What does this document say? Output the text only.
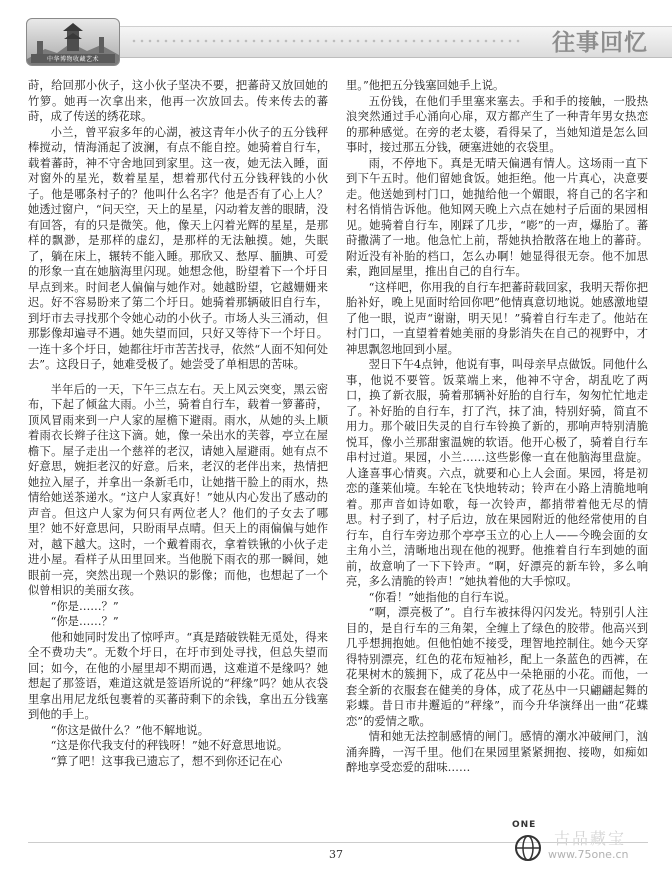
中华博物收藏艺术
往事回忆

莳，给回那小伙子，这小伙子坚决不要，把蕃莳又放回她的竹箩。她再一次拿出来，他再一次放回去。传来传去的蕃莳，成了传送的绣花球。

小兰，曾平寂多年的心湖，被这青年小伙子的五分钱秤棒搅动，情海涌起了波澜，有点不能自控。她骑着自行车，载着蕃莳，神不守舍地回到家里。这一夜，她无法入睡，面对窗外的星光，数着星星，想着那代付五分钱秤钱的小伙子。他是哪条村子的？他叫什么名字？他是否有了心上人？她透过窗户，“问天空，天上的星星，闪动着友善的眼睛，没有回答，有的只是微笑。他，像天上闪着光辉的星星，是那样的飘渺，是那样的虚幻，是那样的无法触摸。她，失眠了，躺在床上，辗转不能入睡。那欣又、愁厚、腼腆、可爱的形象一直在她脑海里闪现。她想念他，盼望着下一个圩日早点到来。时间老人偏偏与她作对。她越盼望，它越姗姗来迟。好不容易盼来了第二个圩日。她骑着那辆破旧自行车，到圩市去寻找那个令她心动的小伙子。市场人头三涌动，但那影像却遍寻不遇。她失望而回，只好又等待下一个圩日。一连十多个圩日，她都往圩市苦苦找寻，依然“人面不知何处去”。这段日子，她难受极了。她尝受了单相思的苦味。

半年后的一天，下午三点左右。天上风云突变，黑云密布，下起了倾盆大雨。小兰，骑着自行车，载着一箩蕃莳，顶风冒雨来到一户人家的屋檐下避雨。雨水，从她的头上顺着雨衣长辫子往这下滴。她，像一朵出水的芙蓉，亭立在屋檐下。屋子走出一个慈祥的老汉，请她入屋避雨。她有点不好意思，婉拒老汉的好意。后来，老汉的老伴出来，热情把她拉入屋子，并拿出一条新毛巾，让她揩干脸上的雨水，热情给她送茶递水。“这户人家真好！”她从内心发出了感动的声音。但这户人家为何只有两位老人？他们的子女去了哪里？她不好意思问，只盼雨早点晴。但天上的雨偏偏与她作对，越下越大。这时，一个戴着雨衣，拿着铁锹的小伙子走进小屋。看样子从田里回来。当他脱下雨衣的那一瞬间，她眼前一亮，突然出现一个熟识的影像；而他，也想起了一个似曾相识的美丽女孩。

“你是……？”

“你是……？”

他和她同时发出了惊呼声。“真是踏破铁鞋无觅处，得来全不费功夫”。无数个圩日，在圩市到处寻找，但总失望而回；如今，在他的小屋里却不期而遇，这难道不是缘吗？她想起了那签语，难道这就是签语所说的“秤缘”吗？她从衣袋里拿出用尼龙纸包裹着的买蕃莳剩下的余钱，拿出五分钱塞到他的手上。

“你这是做什么？”他不解地说。

“这是你代我支付的秤钱呀！”她不好意思地说。

“算了吧！这事我已遗忘了，想不到你还记在心

里。”他把五分钱塞回她手上说。

五份钱，在他们手里塞来塞去。手和手的接触，一股热浪突然通过手心涌向心扉，双方都产生了一种青年男女热恋的那种感觉。在旁的老太婆，看得呆了，当她知道是怎么回事时，接过那五分钱，硬塞进她的衣袋里。

雨，不停地下。真是无晴天偏遇有情人。这场雨一直下到下午五时。他们留她食饭。她拒绝。他一片真心，决意要走。他送她到村门口，她抛给他一个媚眼，将自己的名字和村名悄悄告诉他。他知网天晚上六点在她村子后面的果园相见。她骑着自行车，刚踩了几步，“嘭”的一声，爆胎了。蕃莳撒满了一地。他急忙上前，帮她执拾散落在地上的蕃莳。附近没有补胎的档口，怎么办啊！她显得很无奈。他不加思索，跑回屋里，推出自己的自行车。

“这样吧，你用我的自行车把蕃莳载回家，我明天帮你把胎补好，晚上见面时给回你吧”他情真意切地说。她感激地望了他一眼，说声“谢谢，明天见！”骑着自行车走了。他站在村门口，一直望着着她美丽的身影消失在自己的视野中，才神思飘忽地回到小屋。

翌日下午4点钟，他说有事，叫母亲早点做饭。同他什么事，他说不要管。饭菜端上来，他神不守舍，胡乱吃了两口，换了新衣服，骑着那辆补好胎的自行车，匆匆忙忙地走了。补好胎的自行车，打了汽，抹了油，特别好骑，简直不用力。那个破旧失灵的自行车铃换了新的，那响声特别清脆悦耳，像小兰那甜蜜温婉的软语。他开心极了，骑着自行车串村过道。果园，小兰……这些影像一直在他脑海里盘旋。人逢喜事心情爽。六点，就要和心上人会面。果园，将是初恋的蓬莱仙境。车轮在飞快地转动；铃声在小路上清脆地响着。那声音如诗如歌，每一次铃声，都捎带着他无尽的情思。村子到了，村子后边，放在果园附近的他经常使用的自行车，自行车旁边那个亭亭玉立的心上人——今晚会面的女主角小兰，清晰地出现在他的视野。他推着自行车到她的面前，故意响了一下下铃声。“啊，好漂亮的新车铃，多么响亮，多么清脆的铃声！”她执着他的大手惊叹。

“你看！”她指他的自行车说。

“啊，漂亮极了”。自行车被抹得闪闪发光。特别引人注目的，是自行车的三角架，全缠上了绿色的胶带。他高兴到几乎想拥抱她。但他怕她不接受，理智地控制住。她今天穿得特别漂亮，红色的花布短袖衫，配上一条蓝色的西裤，在花果树木的簇拥下，成了花丛中一朵艳丽的小花。而他，一套全新的衣服套在健美的身体，成了花丛中一只翩翩起舞的彩蝶。昔日市井邂逅的“秤缘”，而今升华演绎出一曲“花蝶恋”的爱情之歌。

情和她无法控制感情的闸门。感情的潮水冲破闸门，汹涌奔腾，一泻千里。他们在果园里紧紧拥抱、接吻，如痴如醉地享受恋爱的甜味……

37
ONE
古品藏宝
www.75one.cn
